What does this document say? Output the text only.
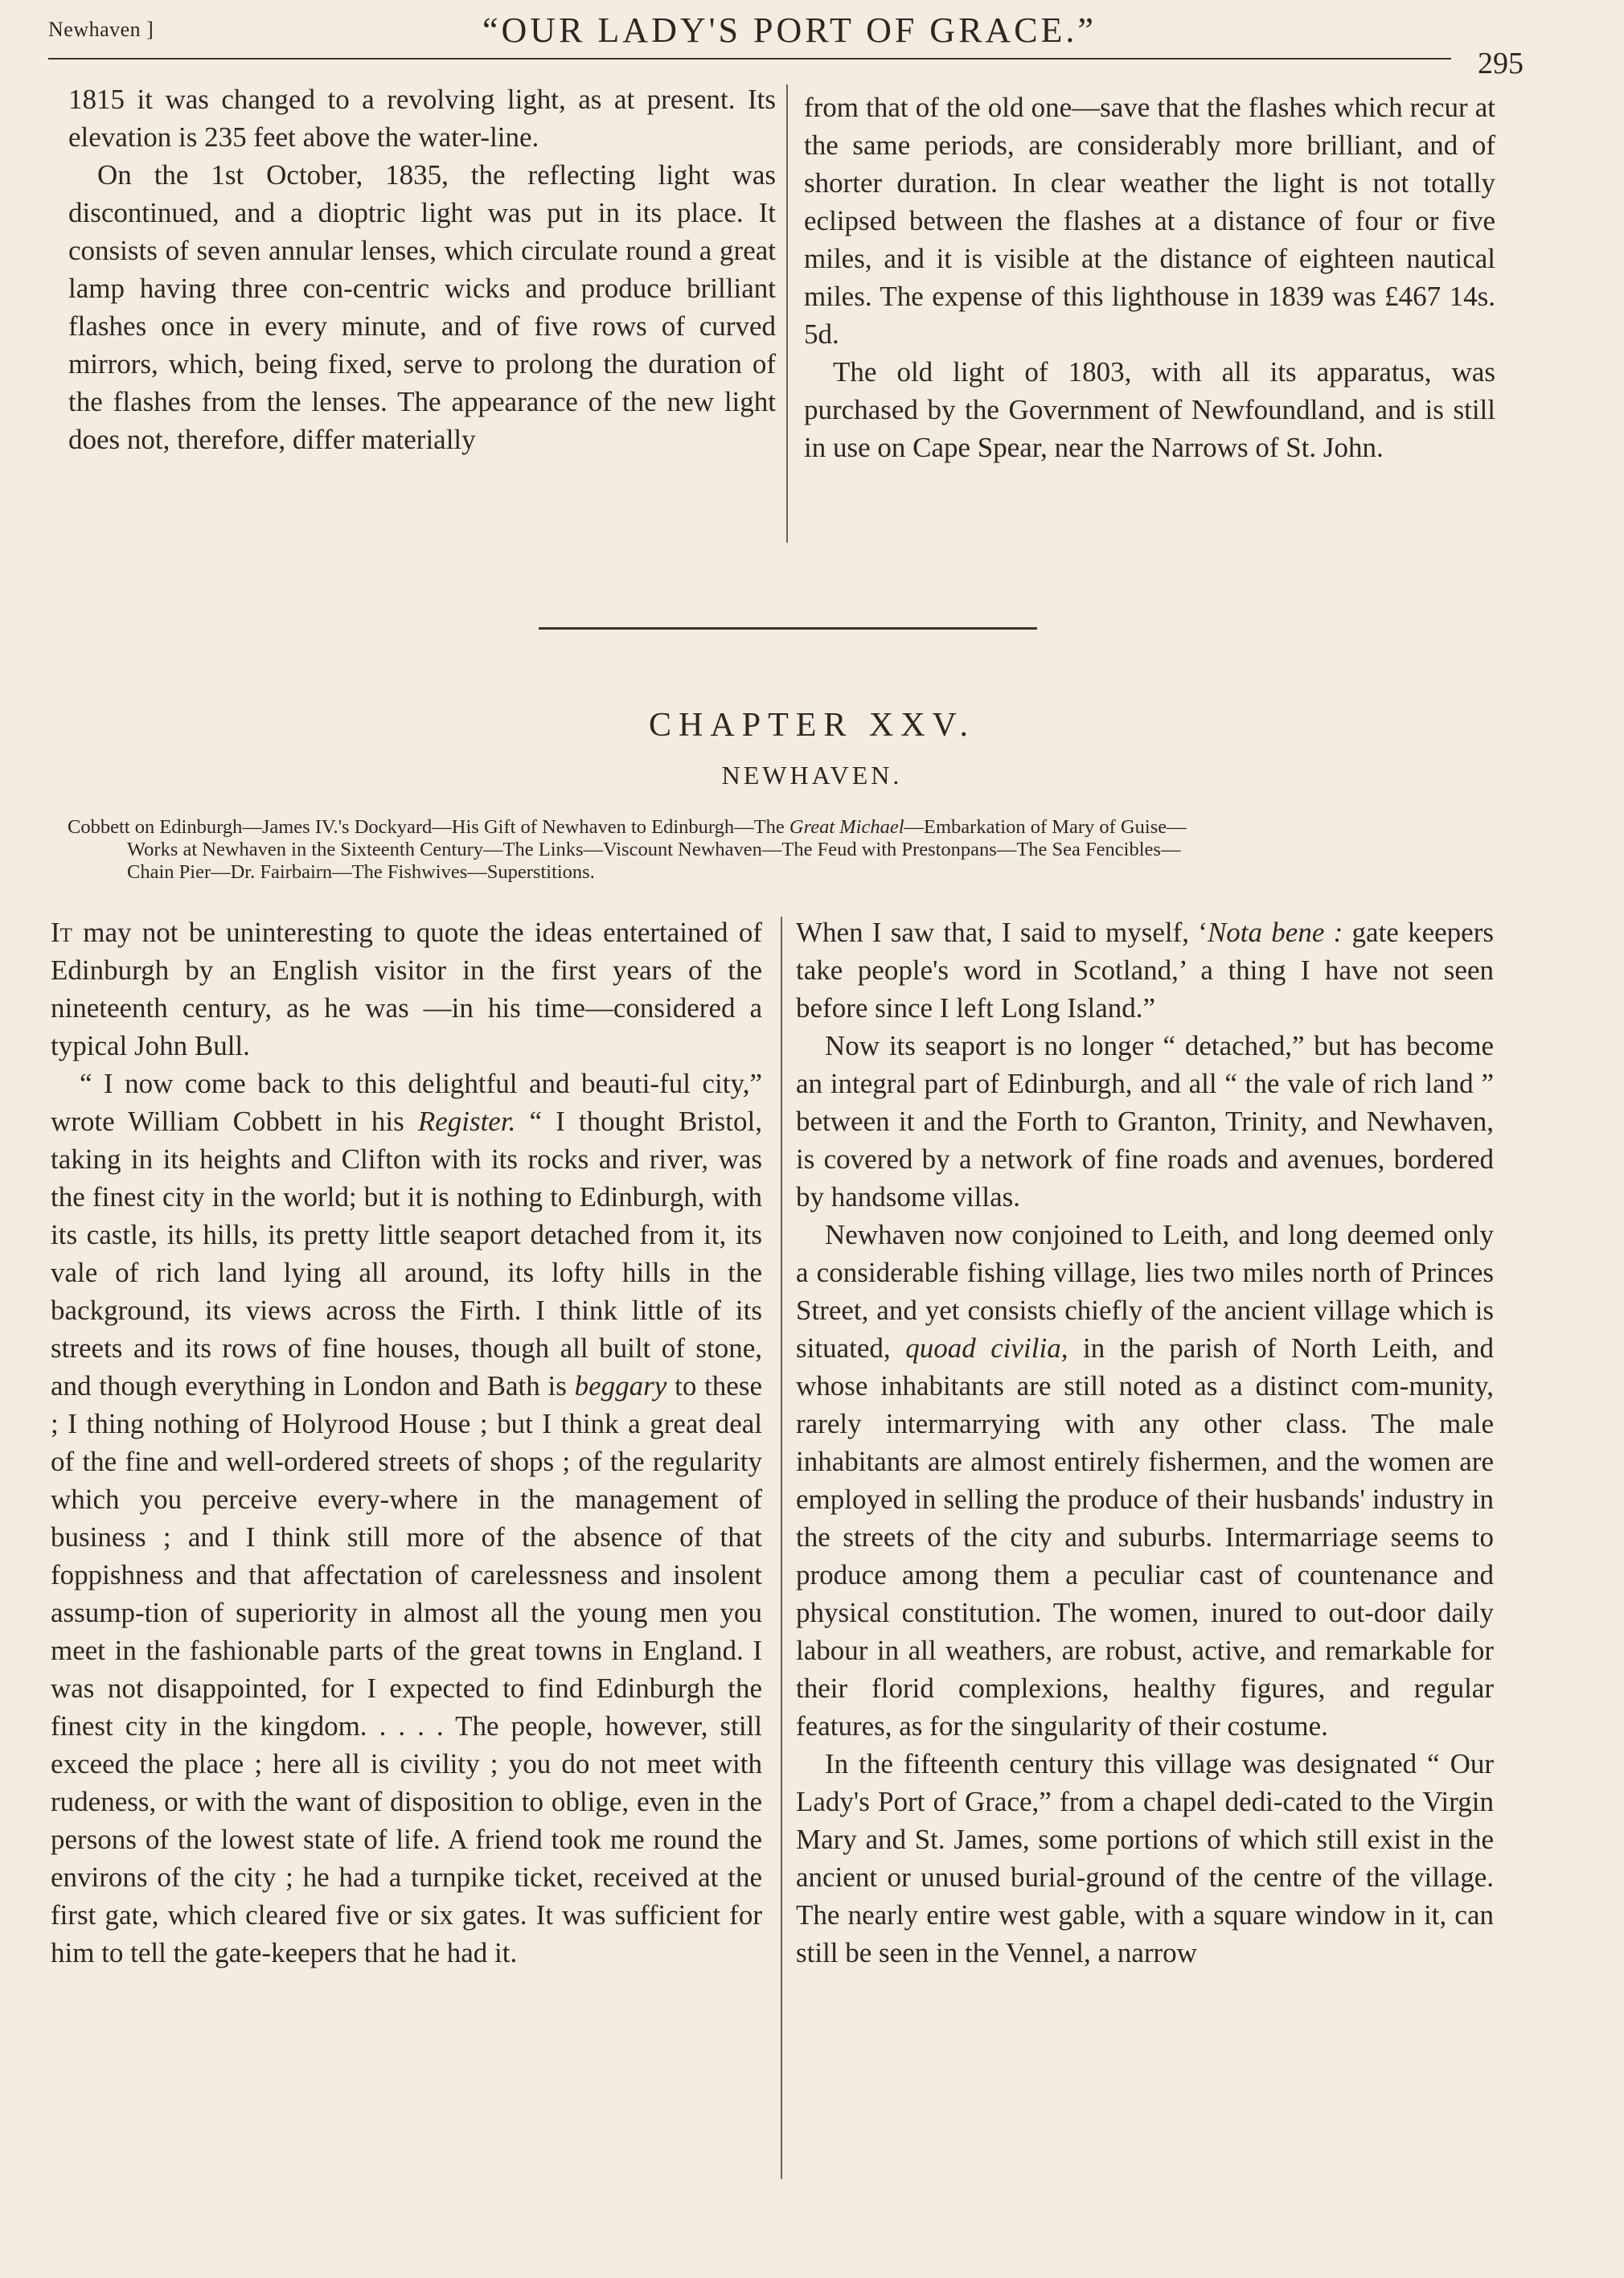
Newhaven ]	“OUR LADY'S PORT OF GRACE.”
295

1815 it was changed to a revolving light, as at present. Its elevation is 235 feet above the water-line.

On the 1st October, 1835, the reflecting light was discontinued, and a dioptric light was put in its place. It consists of seven annular lenses, which circulate round a great lamp having three con-centric wicks and produce brilliant flashes once in every minute, and of five rows of curved mirrors, which, being fixed, serve to prolong the duration of the flashes from the lenses. The appearance of the new light does not, therefore, differ materially

from that of the old one—save that the flashes which recur at the same periods, are considerably more brilliant, and of shorter duration. In clear weather the light is not totally eclipsed between the flashes at a distance of four or five miles, and it is visible at the distance of eighteen nautical miles. The expense of this lighthouse in 1839 was £467 14s. 5d.

The old light of 1803, with all its apparatus, was purchased by the Government of Newfoundland, and is still in use on Cape Spear, near the Narrows of St. John.

CHAPTER XXV.
NEWHAVEN.
Cobbett on Edinburgh—James IV.'s Dockyard—His Gift of Newhaven to Edinburgh—The Great Michael—Embarkation of Mary of Guise—
Works at Newhaven in the Sixteenth Century—The Links—Viscount Newhaven—The Feud with Prestonpans—The Sea Fencibles—
Chain Pier—Dr. Fairbairn—The Fishwives—Superstitions.

It may not be uninteresting to quote the ideas entertained of Edinburgh by an English visitor in the first years of the nineteenth century, as he was —in his time—considered a typical John Bull.

“ I now come back to this delightful and beauti-ful city,” wrote William Cobbett in his Register. “ I thought Bristol, taking in its heights and Clifton with its rocks and river, was the finest city in the world; but it is nothing to Edinburgh, with its castle, its hills, its pretty little seaport detached from it, its vale of rich land lying all around, its lofty hills in the background, its views across the Firth. I think little of its streets and its rows of fine houses, though all built of stone, and though everything in London and Bath is beggary to these ; I thing nothing of Holyrood House ; but I think a great deal of the fine and well-ordered streets of shops ; of the regularity which you perceive every-where in the management of business ; and I think still more of the absence of that foppishness and that affectation of carelessness and insolent assump-tion of superiority in almost all the young men you meet in the fashionable parts of the great towns in England. I was not disappointed, for I expected to find Edinburgh the finest city in the kingdom. . . . . The people, however, still exceed the place ; here all is civility ; you do not meet with rudeness, or with the want of disposition to oblige, even in the persons of the lowest state of life. A friend took me round the environs of the city ; he had a turnpike ticket, received at the first gate, which cleared five or six gates. It was sufficient for him to tell the gate-keepers that he had it.

When I saw that, I said to myself, ‘Nota bene : gate keepers take people's word in Scotland,’ a thing I have not seen before since I left Long Island.”

Now its seaport is no longer “ detached,” but has become an integral part of Edinburgh, and all “ the vale of rich land ” between it and the Forth to Granton, Trinity, and Newhaven, is covered by a network of fine roads and avenues, bordered by handsome villas.

Newhaven now conjoined to Leith, and long deemed only a considerable fishing village, lies two miles north of Princes Street, and yet consists chiefly of the ancient village which is situated, quoad civilia, in the parish of North Leith, and whose inhabitants are still noted as a distinct com-munity, rarely intermarrying with any other class. The male inhabitants are almost entirely fishermen, and the women are employed in selling the produce of their husbands' industry in the streets of the city and suburbs. Intermarriage seems to produce among them a peculiar cast of countenance and physical constitution. The women, inured to out-door daily labour in all weathers, are robust, active, and remarkable for their florid complexions, healthy figures, and regular features, as for the singularity of their costume.

In the fifteenth century this village was designated “ Our Lady's Port of Grace,” from a chapel dedi-cated to the Virgin Mary and St. James, some portions of which still exist in the ancient or unused burial-ground of the centre of the village. The nearly entire west gable, with a square window in it, can still be seen in the Vennel, a narrow
